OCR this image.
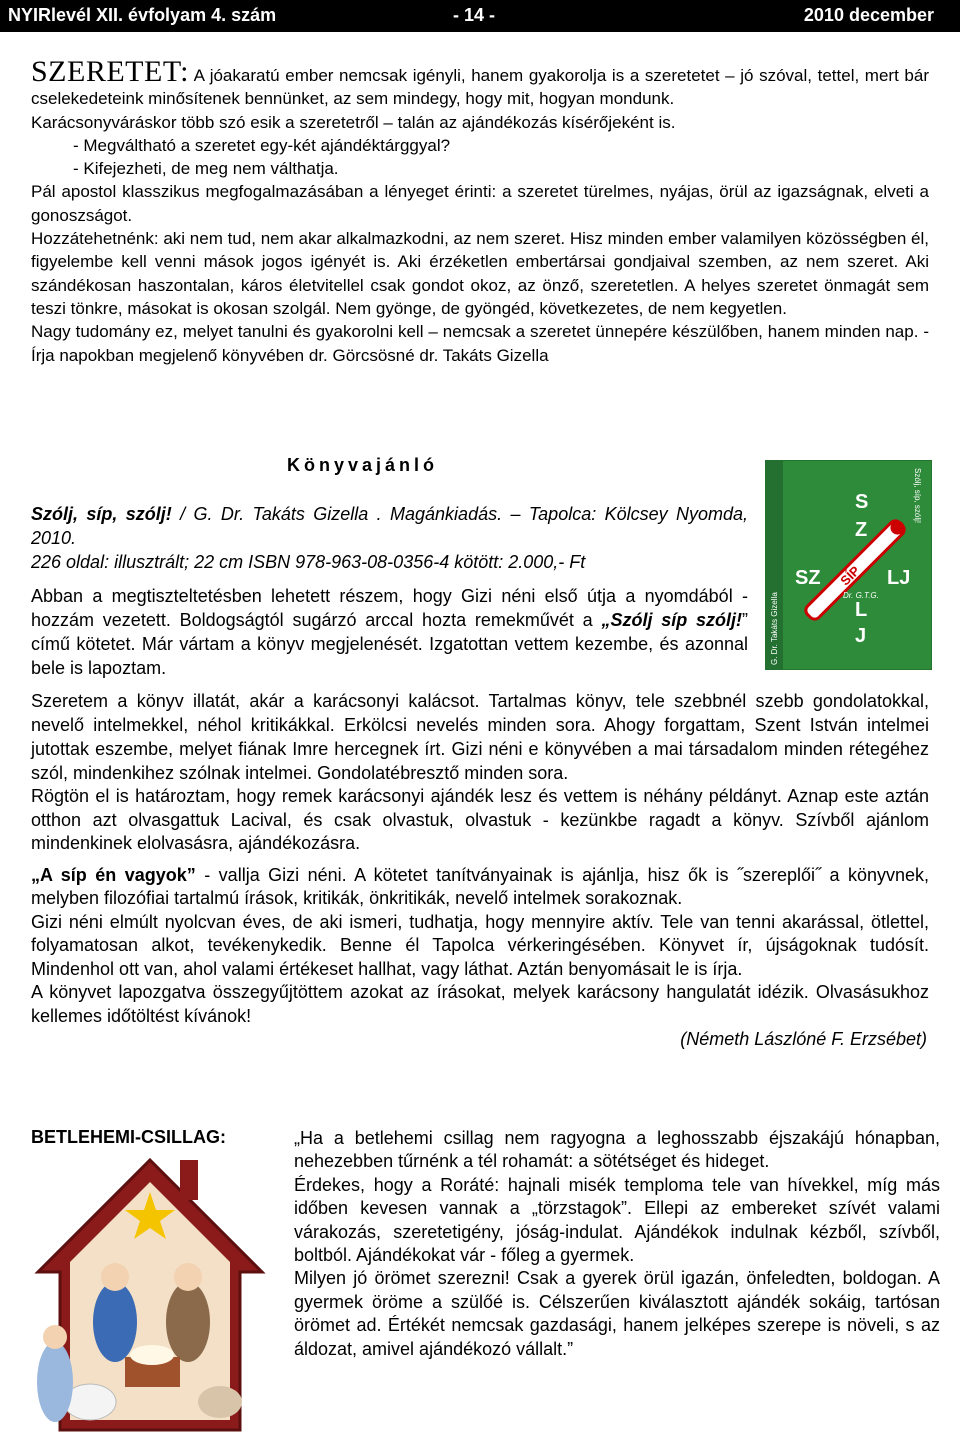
NYIRlevél XII. évfolyam 4. szám	- 14 -	2010 december

SZERETET: A jóakaratú ember nemcsak igényli, hanem gyakorolja is a szeretetet – jó szóval, tettel, mert bár cselekedeteink minősítenek bennünket, az sem mindegy, hogy mit, hogyan mondunk.

Karácsonyváráskor több szó esik a szeretetről – talán az ajándékozás kísérőjeként is.

- Megváltható a szeretet egy-két ajándéktárggyal?

- Kifejezheti, de meg nem válthatja.

Pál apostol klasszikus megfogalmazásában a lényeget érinti: a szeretet türelmes, nyájas, örül az igazságnak, elveti a gonoszságot.

Hozzátehetnénk: aki nem tud, nem akar alkalmazkodni, az nem szeret. Hisz minden ember valamilyen közösségben él, figyelembe kell venni mások jogos igényét is. Aki érzéketlen embertársai gondjaival szemben, az nem szeret. Aki szándékosan haszontalan, káros életvitellel csak gondot okoz, az önző, szeretetlen. A helyes szeretet önmagát sem teszi tönkre, másokat is okosan szolgál. Nem gyönge, de gyöngéd, következetes, de nem kegyetlen.

Nagy tudomány ez, melyet tanulni és gyakorolni kell – nemcsak a szeretet ünnepére készülőben, hanem minden nap. - Írja napokban megjelenő könyvében dr. Görcsösné dr. Takáts Gizella

Könyvajánló
G. Dr. Takáts Gizella
Szólj, síp, szólj!
S
Z
SZ	LJ
L
J
SÍP
Dr. G.T.G.

Szólj, síp, szólj! / G. Dr. Takáts Gizella . Magánkiadás. – Tapolca: Kölcsey Nyomda, 2010.

226 oldal: illusztrált; 22 cm ISBN 978-963-08-0356-4 kötött: 2.000,- Ft

Abban a megtiszteltetésben lehetett részem, hogy Gizi néni első útja a nyomdából - hozzám vezetett. Boldogságtól sugárzó arccal hozta remekművét a „Szólj síp szólj!” című kötetet. Már vártam a könyv megjelenését. Izgatottan vettem kezembe, és azonnal bele is lapoztam.

Szeretem a könyv illatát, akár a karácsonyi kalácsot. Tartalmas könyv, tele szebbnél szebb gondolatokkal, nevelő intelmekkel, néhol kritikákkal. Erkölcsi nevelés minden sora. Ahogy forgattam, Szent István intelmei jutottak eszembe, melyet fiának Imre hercegnek írt. Gizi néni e könyvében a mai társadalom minden rétegéhez szól, mindenkihez szólnak intelmei. Gondolatébresztő minden sora.

Rögtön el is határoztam, hogy remek karácsonyi ajándék lesz és vettem is néhány példányt. Aznap este aztán otthon azt olvasgattuk Lacival, és csak olvastuk, olvastuk - kezünkbe ragadt a könyv. Szívből ajánlom mindenkinek elolvasásra, ajándékozásra.

„A síp én vagyok” - vallja Gizi néni. A kötetet tanítványainak is ajánlja, hisz ők is ˝szereplői˝ a könyvnek, melyben filozófiai tartalmú írások, kritikák, önkritikák, nevelő intelmek sorakoznak.

Gizi néni elmúlt nyolcvan éves, de aki ismeri, tudhatja, hogy mennyire aktív. Tele van tenni akarással, ötlettel, folyamatosan alkot, tevékenykedik. Benne él Tapolca vérkeringésében. Könyvet ír, újságoknak tudósít. Mindenhol ott van, ahol valami értékeset hallhat, vagy láthat. Aztán benyomásait le is írja.

A könyvet lapozgatva összegyűjtöttem azokat az írásokat, melyek karácsony hangulatát idézik. Olvasásukhoz kellemes időtöltést kívánok!

(Németh Lászlóné F. Erzsébet)

BETLEHEMI-CSILLAG:	„Ha a betlehemi csillag nem ragyogna a leghosszabb éjszakájú hónapban, nehezebben tűrnénk a tél rohamát: a sötétséget és hideget.

Érdekes, hogy a Roráté: hajnali misék temploma tele van hívekkel, míg más időben kevesen vannak a „törzstagok”. Ellepi az embereket szívét valami várakozás, szeretetigény, jóság-indulat. Ajándékok indulnak kézből, szívből, boltból. Ajándékokat vár - főleg a gyermek.

Milyen jó örömet szerezni! Csak a gyerek örül igazán, önfeledten, boldogan. A gyermek öröme a szülőé is. Célszerűen kiválasztott ajándék sokáig, tartósan örömet ad. Értékét nemcsak gazdasági, hanem jelképes szerepe is növeli, s az áldozat, amivel ajándékozó vállalt.”
